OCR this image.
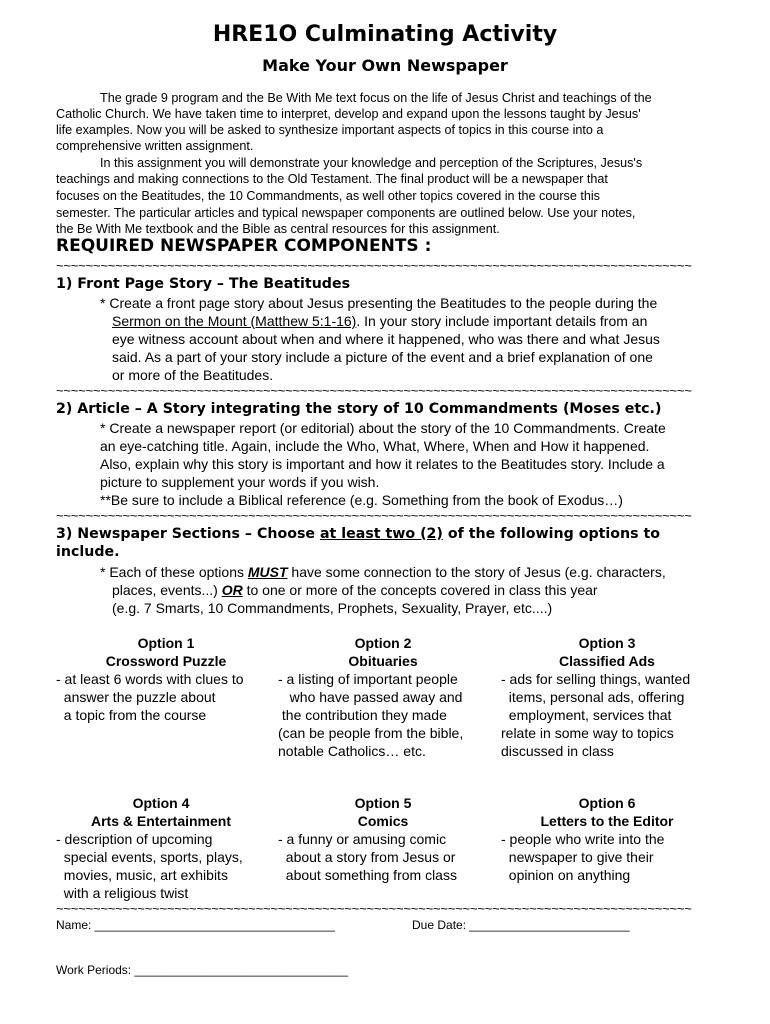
HRE1O Culminating Activity
Make Your Own Newspaper
The grade 9 program and the Be With Me text focus on the life of Jesus Christ and teachings of the
Catholic Church. We have taken time to interpret, develop and expand upon the lessons taught by Jesus'
life examples. Now you will be asked to synthesize important aspects of topics in this course into a
comprehensive written assignment.
In this assignment you will demonstrate your knowledge and perception of the Scriptures, Jesus's
teachings and making connections to the Old Testament. The final product will be a newspaper that
focuses on the Beatitudes, the 10 Commandments, as well other topics covered in the course this
semester. The particular articles and typical newspaper components are outlined below. Use your notes,
the Be With Me textbook and the Bible as central resources for this assignment.
REQUIRED NEWSPAPER COMPONENTS :
~~~~~~~~~~~~~~~~~~~~~~~~~~~~~~~~~~~~~~~~~~~~~~~~~~~~~~~~~~~~~~~~~~~~~~~~~~~~~~~~~~~~~~
1) Front Page Story – The Beatitudes
* Create a front page story about Jesus presenting the Beatitudes to the people during the
Sermon on the Mount (Matthew 5:1-16). In your story include important details from an
eye witness account about when and where it happened, who was there and what Jesus
said. As a part of your story include a picture of the event and a brief explanation of one
or more of the Beatitudes.
~~~~~~~~~~~~~~~~~~~~~~~~~~~~~~~~~~~~~~~~~~~~~~~~~~~~~~~~~~~~~~~~~~~~~~~~~~~~~~~~~~~~~~
2) Article – A Story integrating the story of 10 Commandments (Moses etc.)
* Create a newspaper report (or editorial) about the story of the 10 Commandments. Create
an eye-catching title. Again, include the Who, What, Where, When and How it happened.
Also, explain why this story is important and how it relates to the Beatitudes story. Include a
picture to supplement your words if you wish.
**Be sure to include a Biblical reference (e.g. Something from the book of Exodus…)
~~~~~~~~~~~~~~~~~~~~~~~~~~~~~~~~~~~~~~~~~~~~~~~~~~~~~~~~~~~~~~~~~~~~~~~~~~~~~~~~~~~~~~
3) Newspaper Sections – Choose at least two (2) of the following options to
include.
* Each of these options MUST have some connection to the story of Jesus (e.g. characters,
places, events...) OR to one or more of the concepts covered in class this year
(e.g. 7 Smarts, 10 Commandments, Prophets, Sexuality, Prayer, etc....)
Option 1
Crossword Puzzle
- at least 6 words with clues to
answer the puzzle about
a topic from the course
Option 2
Obituaries
- a listing of important people
who have passed away and
the contribution they made
(can be people from the bible,
notable Catholics… etc.
Option 3
Classified Ads
- ads for selling things, wanted
items, personal ads, offering
employment, services that
relate in some way to topics
discussed in class
Option 4
Arts & Entertainment
- description of upcoming
special events, sports, plays,
movies, music, art exhibits
with a religious twist
Option 5
Comics
- a funny or amusing comic
about a story from Jesus or
about something from class
Option 6
Letters to the Editor
- people who write into the
newspaper to give their
opinion on anything
~~~~~~~~~~~~~~~~~~~~~~~~~~~~~~~~~~~~~~~~~~~~~~~~~~~~~~~~~~~~~~~~~~~~~~~~~~~~~~~~~~~~~~
Name: ____________________________________	Due Date: ________________________
Work Periods: ________________________________
